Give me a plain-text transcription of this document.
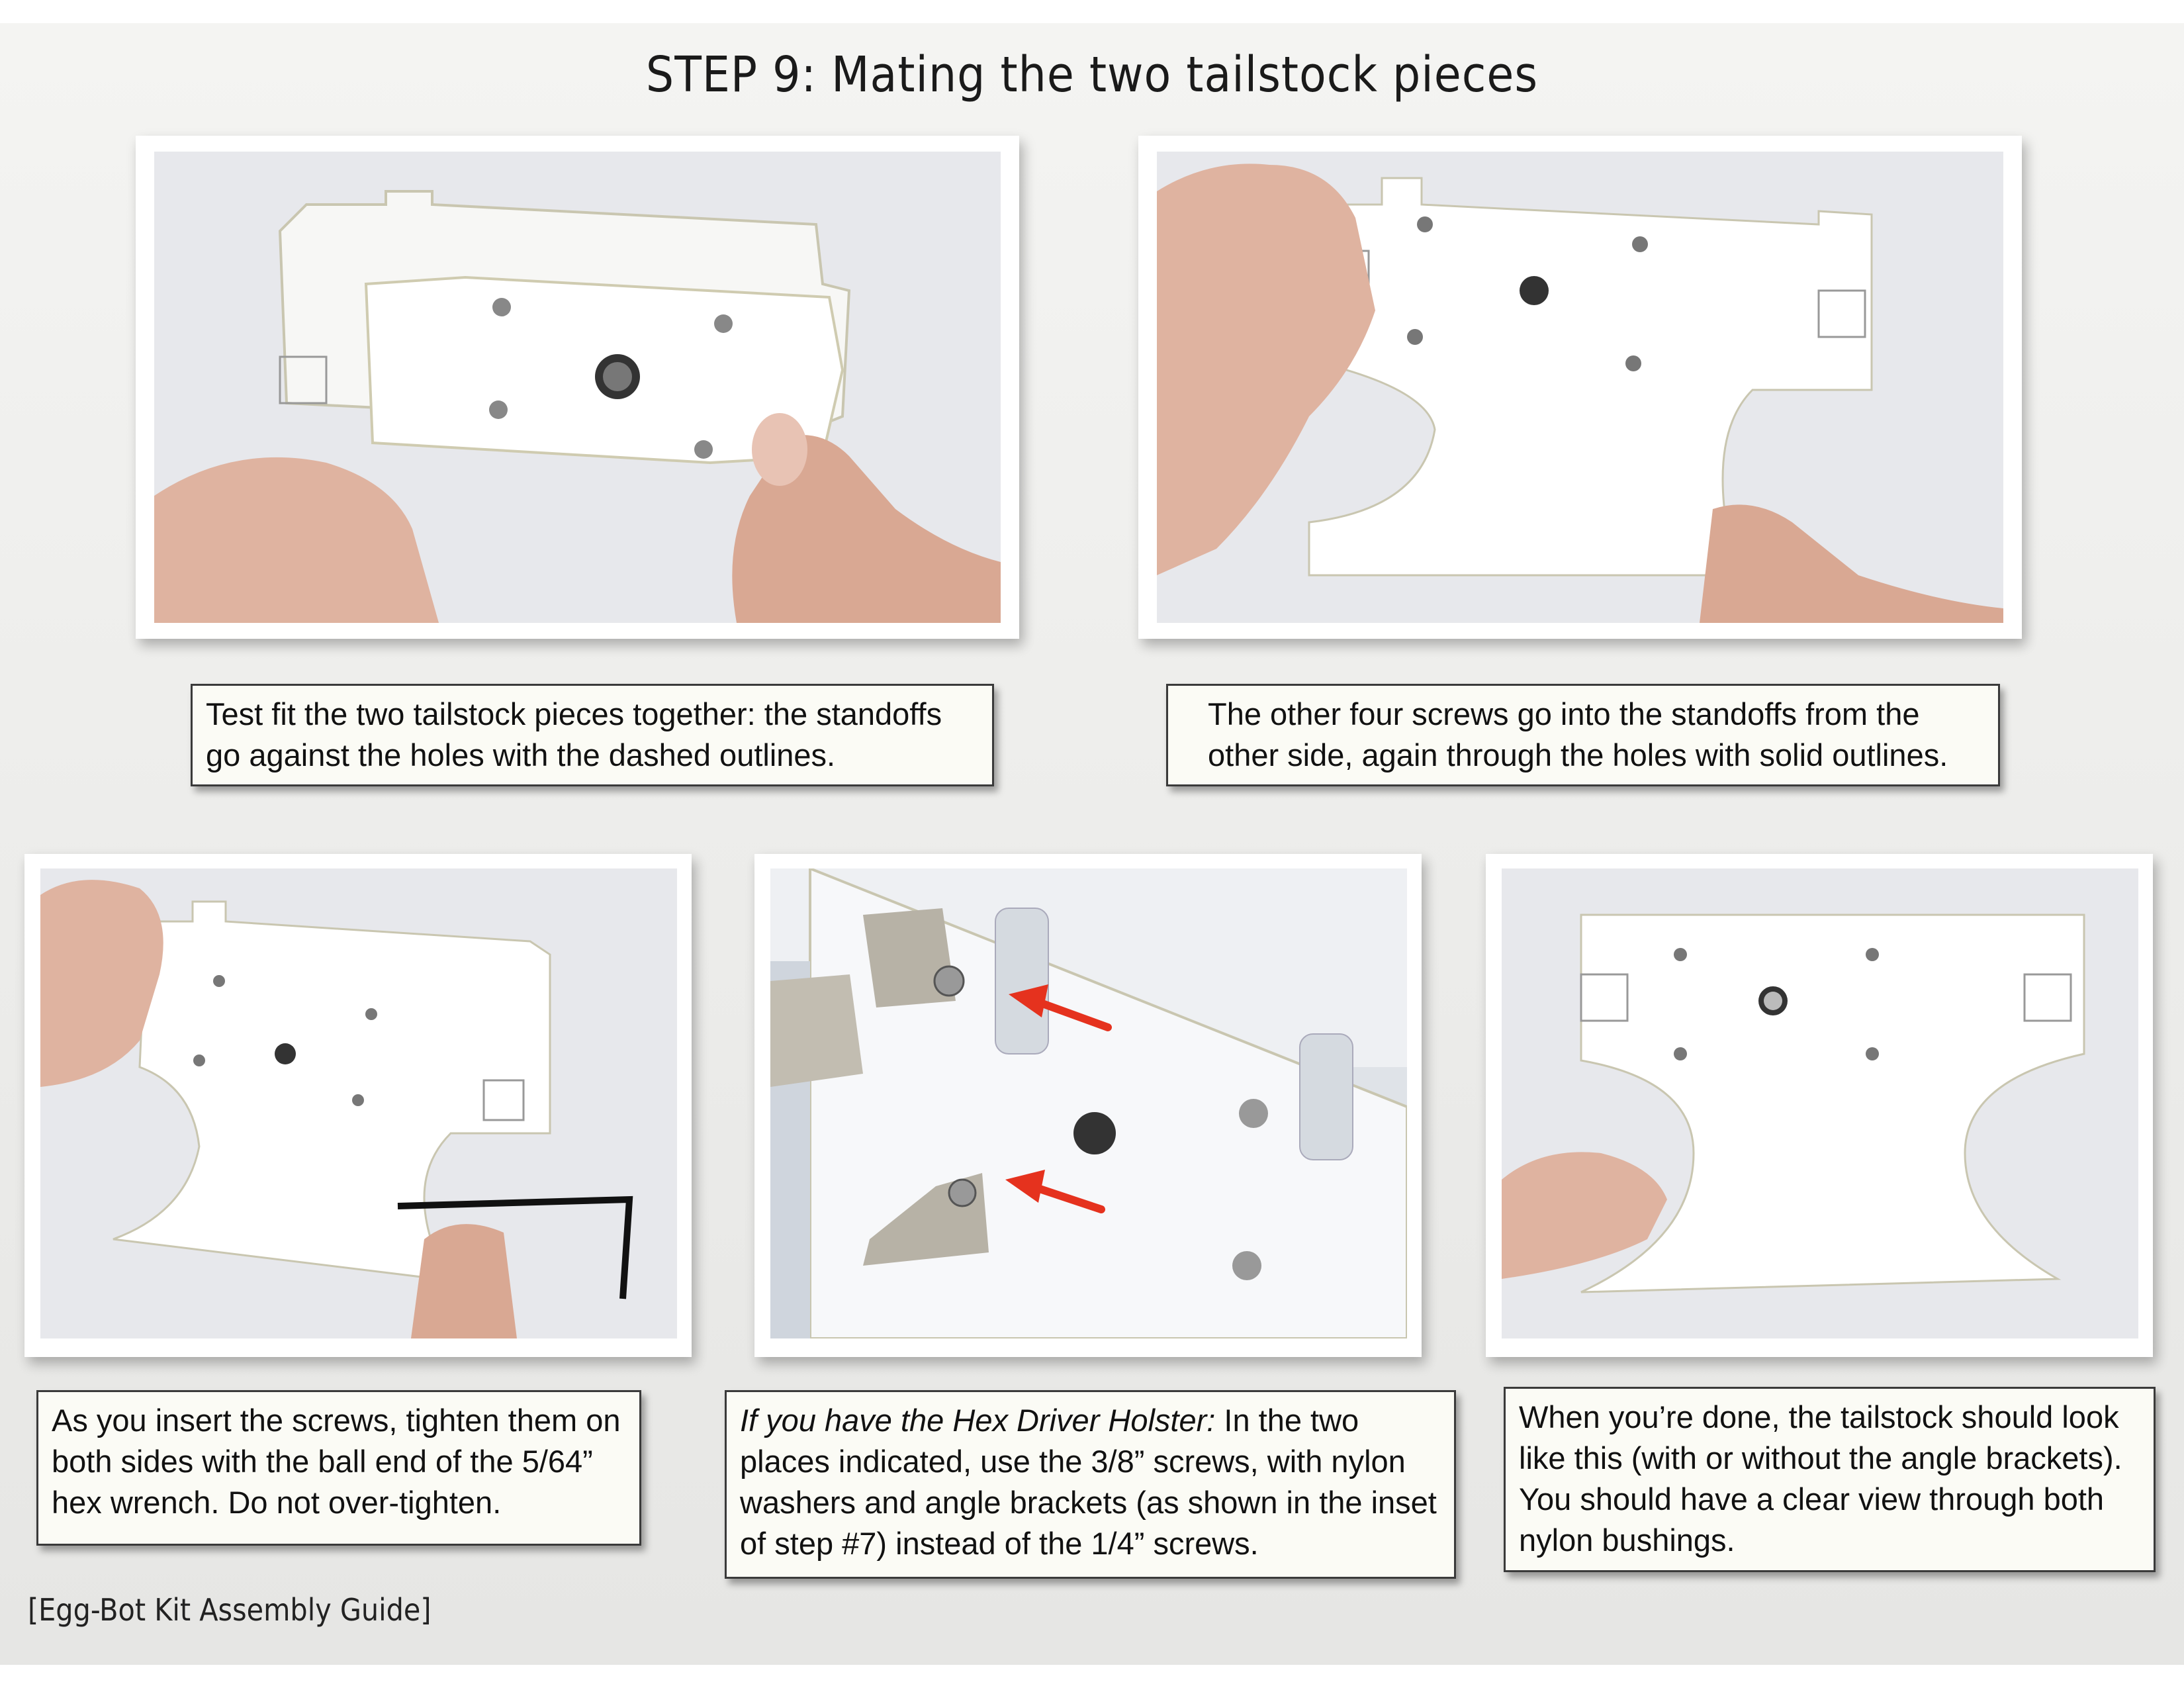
STEP 9: Mating the two tailstock pieces
Test fit the two tailstock pieces together: the standoffs go against the holes with the dashed outlines.
The other four screws go into the standoffs from the other side, again through the holes with solid outlines.
As you insert the screws, tighten them on both sides with the ball end of the 5/64” hex wrench. Do not over-tighten.
If you have the Hex Driver Holster: In the two places indicated, use the 3/8” screws, with nylon washers and angle brackets (as shown in the inset of step #7) instead of the 1/4” screws.
When you’re done, the tailstock should look like this (with or without the angle brackets). You should have a clear view through both nylon bushings.
[Egg-Bot Kit Assembly Guide]
